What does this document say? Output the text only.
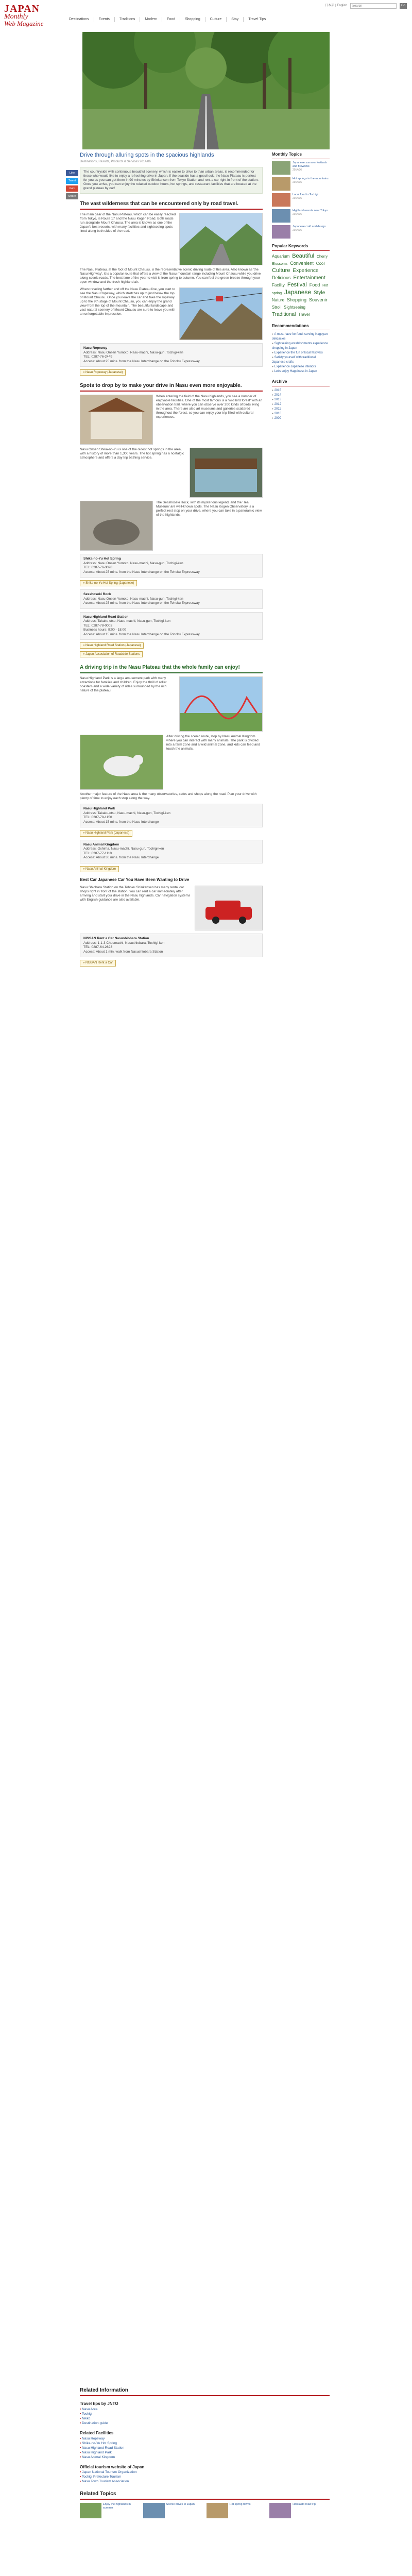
JAPAN
Monthly
Web Magazine
日本語 | English
Search	Go
Destinations	Events	Traditions	Modern	Food	Shopping	Culture	Stay	Travel Tips
Drive through alluring spots in the spacious highlands
Destinations, Resorts, Products & Services 2014/06
The countryside with continuous beautiful scenery, which is easier to drive to than urban areas, is recommended for those who would like to enjoy a refreshing drive in Japan. If the seaside has a good look, the Nasu Plateau is perfect for you as you can get there in 90 minutes by Shinkansen from Tokyo Station and rent a car right in front of the station. Once you arrive, you can enjoy the relaxed outdoor hours, hot springs, and restaurant facilities that are located at the grand plateau by car!
The vast wilderness that can be encountered only by road travel.
The main gear of the Nasu Plateau, which can be easily reached from Tokyo, is Route 17 and the Nasu Kogen Road. Both roads run alongside Mount Chausu. The area is known as one of the Japan's best resorts, with many facilities and sightseeing spots lined along both sides of the road.
The Nasu Plateau, at the foot of Mount Chausu, is the representative scenic driving route of this area. Also known as 'the Nasu Highway', it is a popular route that offers a view of the Nasu mountain range including Mount Chausu while you drive along scenic roads. The best time of the year to visit is from spring to autumn. You can feel the green breeze through your open window and the fresh highland air.
When traveling farther and off the Nasu Plateau line, you start to see the Nasu Ropeway, which stretches up to just below the top of Mount Chausu. Once you leave the car and take the ropeway up to the 9th stage of Mount Chausu, you can enjoy the grand view from the top of the mountain. The beautiful landscape and vast natural scenery of Mount Chausu are sure to leave you with an unforgettable impression.
Nasu Ropeway
Address: Nasu Onsen Yumoto, Nasu-machi, Nasu-gun, Tochigi-ken
TEL: 0287-76-2449
Access: About 25 mins. from the Nasu Interchange on the Tohoku Expressway
» Nasu Ropeway (Japanese)
Spots to drop by to make your drive in Nasu even more enjoyable.
When entering the field of the Nasu highlands, you see a number of enjoyable facilities. One of the most famous is a 'wild bird forest' with an observation trail, where you can observe over 200 kinds of birds living in the area. There are also art museums and galleries scattered throughout the forest, so you can enjoy your trip filled with cultural experiences.
Nasu Onsen Shika-no-Yu is one of the oldest hot springs in the area, with a history of more than 1,300 years. The hot spring has a nostalgic atmosphere and offers a day trip bathing service.
The Sesshoseki Rock, with its mysterious legend, and the 'Tea Museum' are well-known spots. The Nasu Kogen Observatory is a perfect rest stop on your drive, where you can take in a panoramic view of the highlands.
Shika-no-Yu Hot Spring
Address: Nasu Onsen Yumoto, Nasu-machi, Nasu-gun, Tochigi-ken
TEL: 0287-76-3098
Access: About 25 mins. from the Nasu Interchange on the Tohoku Expressway
» Shika-no-Yu Hot Spring (Japanese)
Sesshoseki Rock
Address: Nasu Onsen Yumoto, Nasu-machi, Nasu-gun, Tochigi-ken
Access: About 25 mins. from the Nasu Interchange on the Tohoku Expressway
Nasu Highland Road Station
Address: Takaku-otsu, Nasu-machi, Nasu-gun, Tochigi-ken
TEL: 0287-78-0003
Business hours: 9:00 - 18:00
Access: About 15 mins. from the Nasu Interchange on the Tohoku Expressway
» Nasu Highland Road Station (Japanese)
» Japan Association of Roadside Stations
A driving trip in the Nasu Plateau that the whole family can enjoy!
Nasu Highland Park is a large amusement park with many attractions for families and children. Enjoy the thrill of roller coasters and a wide variety of rides surrounded by the rich nature of the plateau.
After driving the scenic route, stop by Nasu Animal Kingdom where you can interact with many animals. The park is divided into a farm zone and a wild animal zone, and kids can feed and touch the animals.
Another major feature of the Nasu area is the many observatories, cafes and shops along the road. Plan your drive with plenty of time to enjoy each stop along the way.
Nasu Highland Park
Address: Takaku-otsu, Nasu-machi, Nasu-gun, Tochigi-ken
TEL: 0287-78-1150
Access: About 15 mins. from the Nasu Interchange
» Nasu Highland Park (Japanese)
Nasu Animal Kingdom
Address: Oshima, Nasu-machi, Nasu-gun, Tochigi-ken
TEL: 0287-77-1110
Access: About 30 mins. from the Nasu Interchange
» Nasu Animal Kingdom
Best Car Japanese Car You Have Been Wanting to Drive
Nasu Shiobara Station on the Tohoku Shinkansen has many rental car shops right in front of the station. You can rent a car immediately after arriving and start your drive in the Nasu highlands. Car navigation systems with English guidance are also available.
NISSAN Rent a Car Nasushiobara Station
Address: 1-1-3 Chuomachi, Nasushiobara, Tochigi-ken
TEL: 0287-64-2623
Access: About 1 min. walk from Nasushiobara Station
» NISSAN Rent a Car
Like
Tweet
G+1
Share
Monthly Topics
Japanese summer festivals and fireworks
2014/06
Hot springs in the mountains
2014/06
Local food in Tochigi
2014/06
Highland resorts near Tokyo
2014/06
Japanese craft and design
2014/06
Popular Keywords
Aquarium Beautiful Cherry Blossoms Convenient Cool Culture Experience Delicious Entertainment Facility Festival Food Hot spring Japanese Style Nature Shopping Souvenir Stroll Sightseeing Traditional Travel
Recommendations
▸ A must-have for food: serving Nagoyan delicacies
▸ Sightseeing establishments experience shopping in Japan
▸ Experience the fun of local festivals
▸ Satisfy yourself with traditional Japanese crafts
▸ Experience Japanese interiors
▸ Let's enjoy Happiness in Japan
Archive
▸ 2015
▸ 2014
▸ 2013
▸ 2012
▸ 2011
▸ 2010
▸ 2009
Related Information
Travel tips by JNTO
▪ Nasu Area
▪ Tochigi
▪ Nikko
▪ Destination guide
Related Facilities
▪ Nasu Ropeway
▪ Shika-no-Yu Hot Spring
▪ Nasu Highland Road Station
▪ Nasu Highland Park
▪ Nasu Animal Kingdom
Official tourism website of Japan
▪ Japan National Tourism Organization
▪ Tochigi Prefecture Tourism
▪ Nasu Town Tourism Association
Related Topics
Enjoy the highlands in summer
Scenic drives in Japan	Hot spring towns	Hokkaido road trip
